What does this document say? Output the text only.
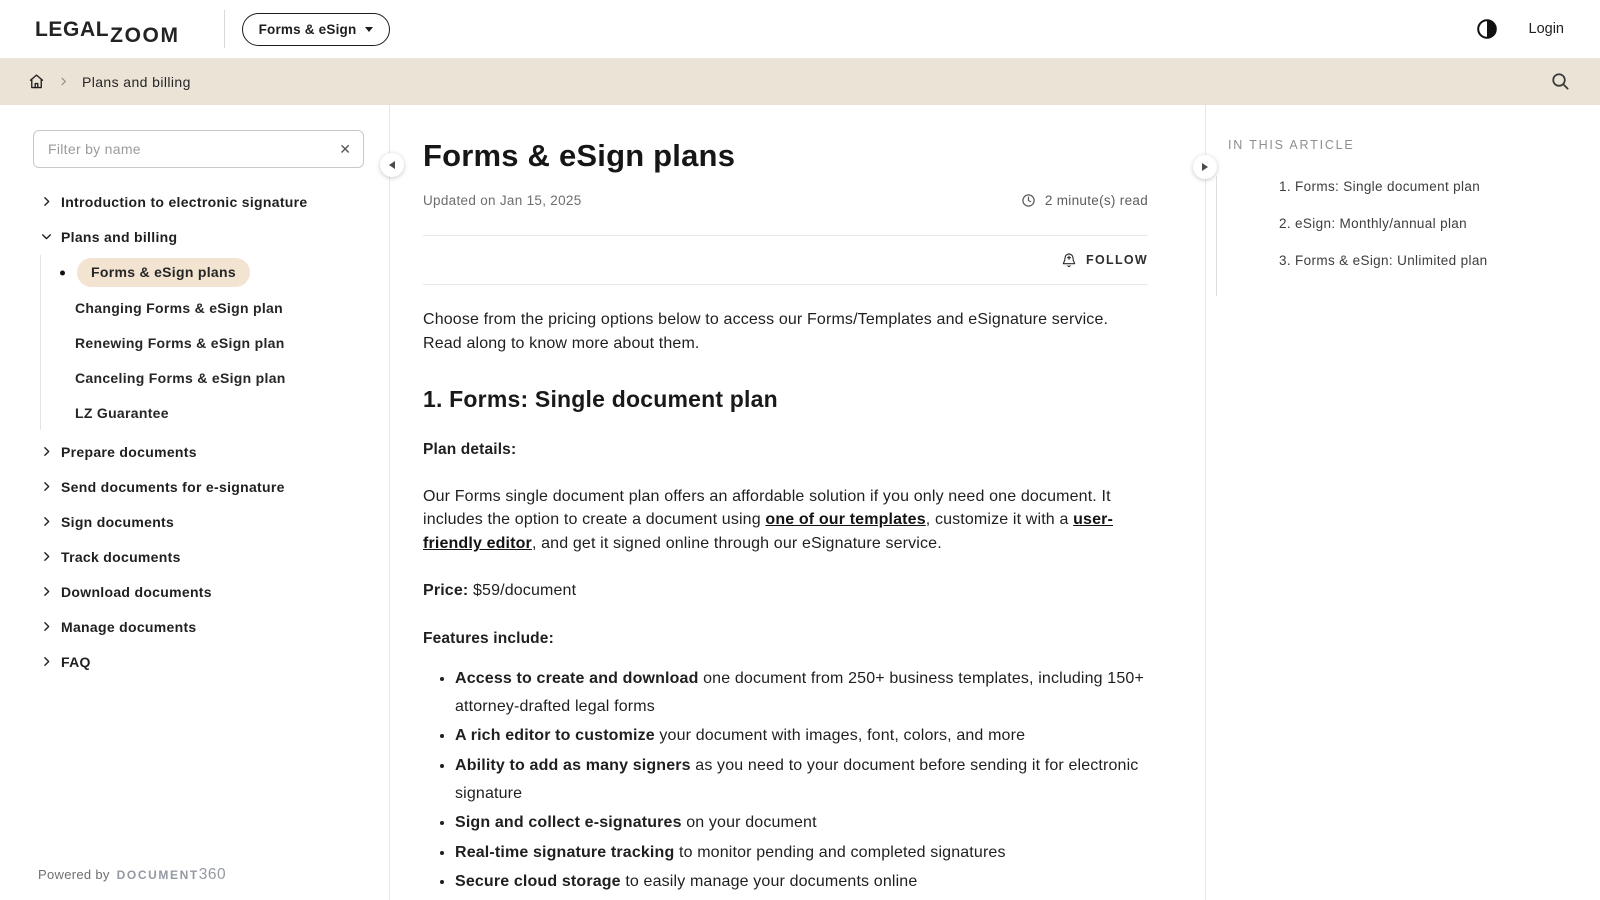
LEGAL ZOOM	Forms & eSign	Login
Plans and billing
Filter by name
✕
Introduction to electronic signature
Plans and billing
Forms & eSign plans
Changing Forms & eSign plan
Renewing Forms & eSign plan
Canceling Forms & eSign plan
LZ Guarantee
Prepare documents
Send documents for e-signature
Sign documents
Track documents
Download documents
Manage documents
FAQ
Powered by DOCUMENT360
Forms & eSign plans
Updated on Jan 15, 2025	2 minute(s) read
FOLLOW

Choose from the pricing options below to access our Forms/Templates and eSignature service. Read along to know more about them.

1. Forms: Single document plan

Plan details:

Our Forms single document plan offers an affordable solution if you only need one document. It includes the option to create a document using one of our templates, customize it with a user-friendly editor, and get it signed online through our eSignature service.

Price: $59/document

Features include:

• Access to create and download one document from 250+ business templates, including 150+ attorney-drafted legal forms
• A rich editor to customize your document with images, font, colors, and more
• Ability to add as many signers as you need to your document before sending it for electronic signature
• Sign and collect e-signatures on your document
• Real-time signature tracking to monitor pending and completed signatures
• Secure cloud storage to easily manage your documents online

IN THIS ARTICLE

1. Forms: Single document plan
2. eSign: Monthly/annual plan
3. Forms & eSign: Unlimited plan
